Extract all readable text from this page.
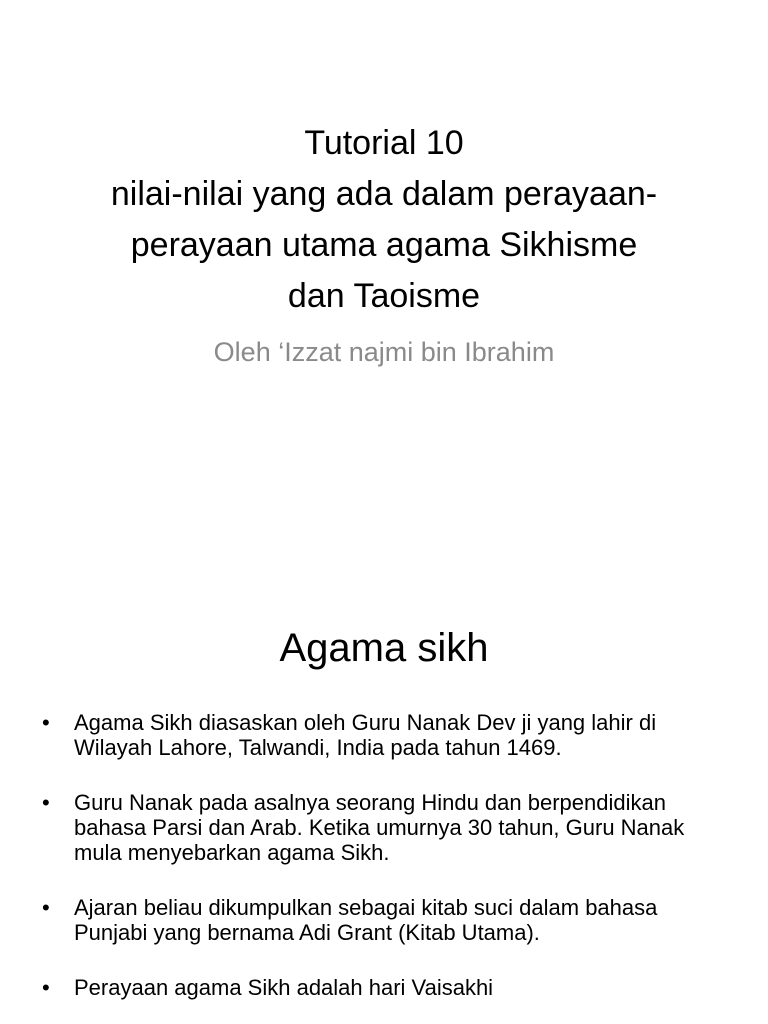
Tutorial 10
nilai-nilai yang ada dalam perayaan-
perayaan utama agama Sikhisme
dan Taoisme
Oleh ‘Izzat najmi bin Ibrahim
Agama sikh
• Agama Sikh diasaskan oleh Guru Nanak Dev ji yang lahir di Wilayah Lahore, Talwandi, India pada tahun 1469.
• Guru Nanak pada asalnya seorang Hindu dan berpendidikan bahasa Parsi dan Arab. Ketika umurnya 30 tahun, Guru Nanak mula menyebarkan agama Sikh.
• Ajaran beliau dikumpulkan sebagai kitab suci dalam bahasa Punjabi yang bernama Adi Grant (Kitab Utama).
• Perayaan agama Sikh adalah hari Vaisakhi
